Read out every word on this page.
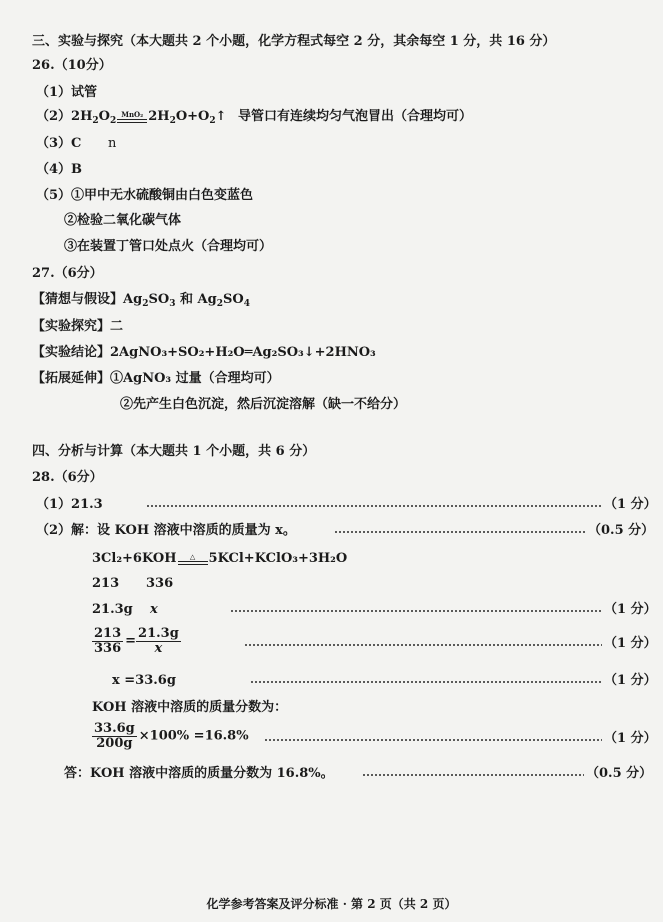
三、实验与探究（本大题共 2 个小题，化学方程式每空 2 分，其余每空 1 分，共 16 分）
26.（10分）
（1）试管
$(2)2H_2O_2$
MnO₂ $2H_2O+O_2↑$ 导管口有连续均匀气泡冒出（合理均可）
（3）C n
（4）B
（5）①甲中无水硫酸铜由白色变蓝色
②检验二氧化碳气体
③在装置丁管口处点火（合理均可）
27.（6分）
【猜想与假设】$Ag_2SO_3$ 和 $Ag_2SO_4$
【实验探究】二
【实验结论】2AgNO₃+SO₂+H₂O═Ag₂SO₃↓+2HNO₃
【拓展延伸】①AgNO₃ 过量（合理均可）
②先产生白色沉淀，然后沉淀溶解（缺一不给分）
四、分析与计算（本大题共 1 个小题，共 6 分）
28.（6分）
（1）21.3	（1 分）
（2）解：设 KOH 溶液中溶质的质量为 x。	（0.5 分）
3Cl₂+6KOH	△	5KCl+KClO₃+3H₂O
213 336
21.3g x	（1 分）
$\frac{213}{336} = \frac{21.3g}{x}$	（1 分）
x =33.6g	（1 分）
KOH 溶液中溶质的质量分数为：
$\frac{33.6g}{200g} \times 100\% =16.8\%$	（1 分）
答：KOH 溶液中溶质的质量分数为 16.8%。	（0.5 分）
化学参考答案及评分标准 · 第 2 页（共 2 页）
